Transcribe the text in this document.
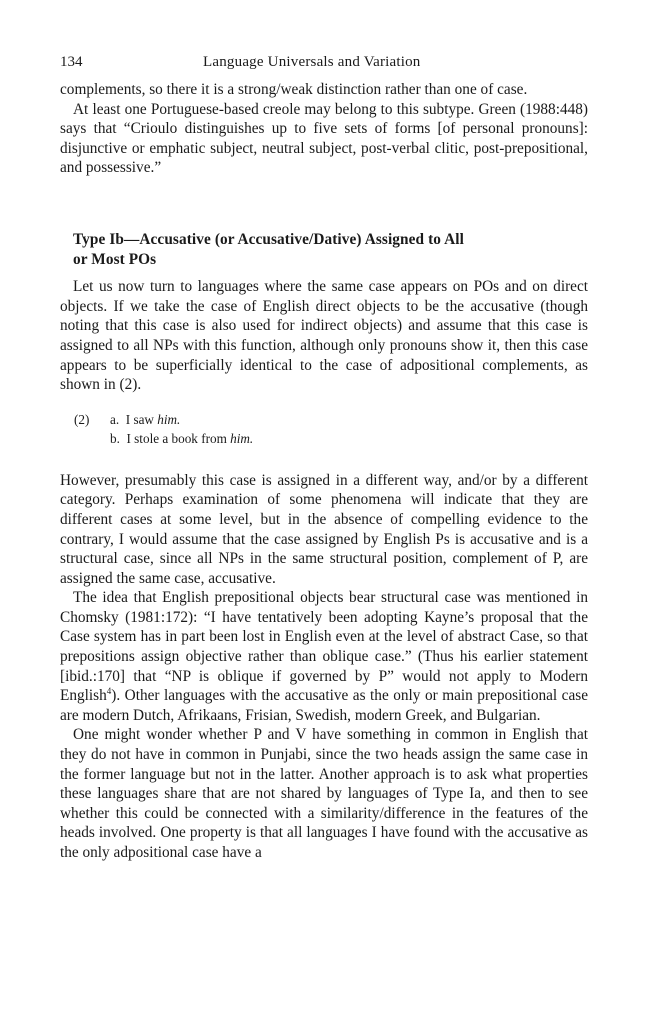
134	Language Universals and Variation

complements, so there it is a strong/weak distinction rather than one of case.

At least one Portuguese-based creole may belong to this subtype. Green (1988:448) says that “Crioulo distinguishes up to five sets of forms [of personal pronouns]: disjunctive or emphatic subject, neutral subject, post-verbal clitic, post-prepositional, and possessive.”

Type Ib—Accusative (or Accusative/Dative) Assigned to All
or Most POs

Let us now turn to languages where the same case appears on POs and on direct objects. If we take the case of English direct objects to be the accusative (though noting that this case is also used for indirect objects) and assume that this case is assigned to all NPs with this function, although only pronouns show it, then this case appears to be superficially identical to the case of adpositional complements, as shown in (2).

(2) a. I saw him.
b. I stole a book from him.

However, presumably this case is assigned in a different way, and/or by a different category. Perhaps examination of some phenomena will indicate that they are different cases at some level, but in the absence of compelling evidence to the contrary, I would assume that the case assigned by English Ps is accusative and is a structural case, since all NPs in the same structural position, complement of P, are assigned the same case, accusative.

The idea that English prepositional objects bear structural case was mentioned in Chomsky (1981:172): “I have tentatively been adopting Kayne’s proposal that the Case system has in part been lost in English even at the level of abstract Case, so that prepositions assign objective rather than oblique case.” (Thus his earlier statement [ibid.:170] that “NP is oblique if governed by P” would not apply to Modern English$^4$). Other languages with the accusative as the only or main prepositional case are modern Dutch, Afrikaans, Frisian, Swedish, modern Greek, and Bulgarian.

One might wonder whether P and V have something in common in English that they do not have in common in Punjabi, since the two heads assign the same case in the former language but not in the latter. Another approach is to ask what properties these languages share that are not shared by languages of Type Ia, and then to see whether this could be connected with a similarity/difference in the features of the heads involved. One property is that all languages I have found with the accusative as the only adpositional case have a
